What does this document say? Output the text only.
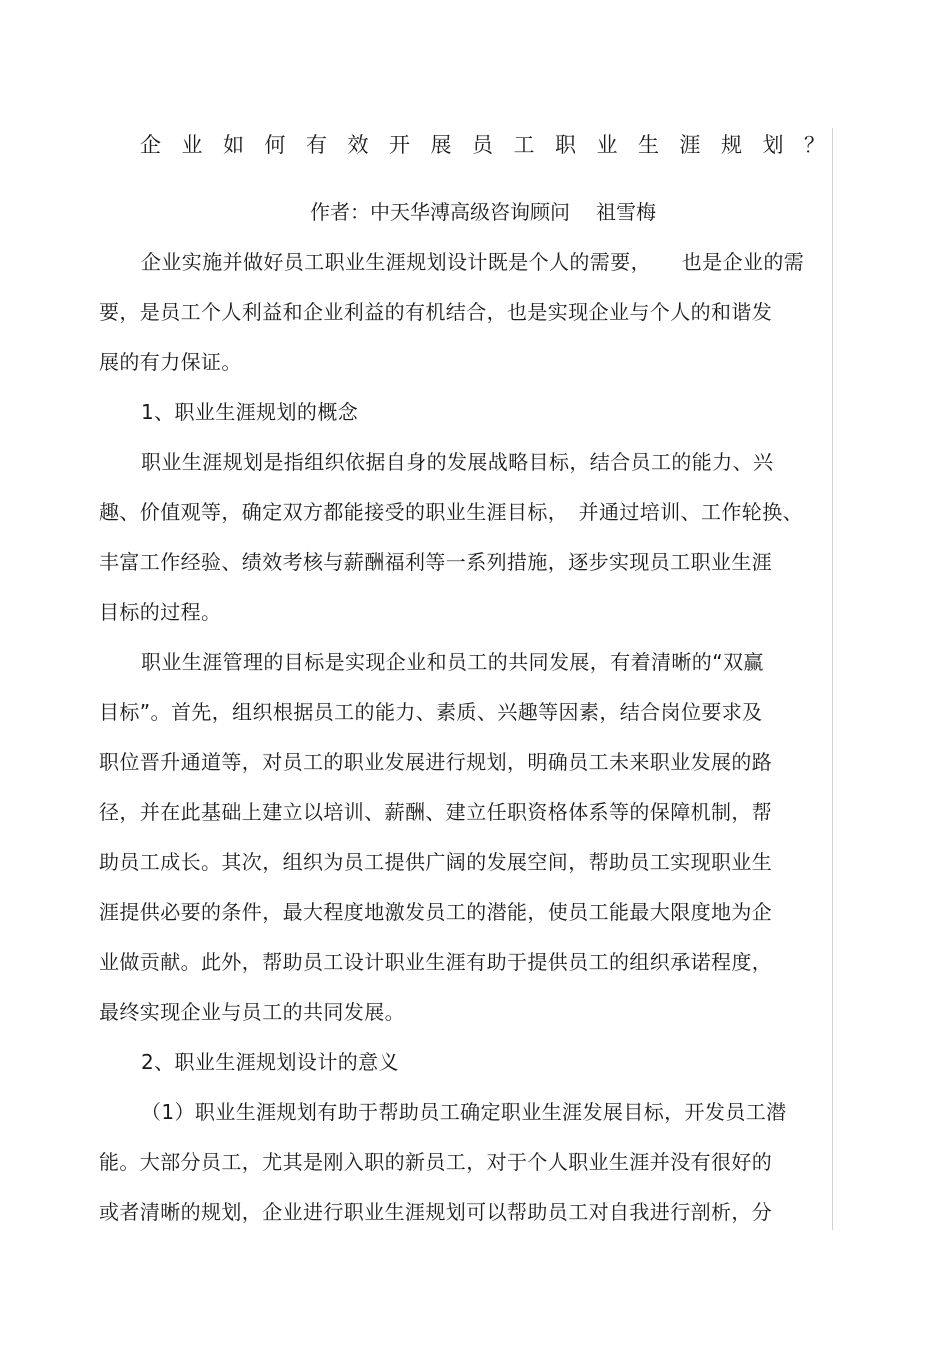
企业如何有效开展员工职业生涯规划？
作者：中天华溥高级咨询顾问 祖雪梅
企业实施并做好员工职业生涯规划设计既是个人的需要，　　也是企业的需
要，是员工个人利益和企业利益的有机结合，也是实现企业与个人的和谐发
展的有力保证。
1、职业生涯规划的概念
职业生涯规划是指组织依据自身的发展战略目标，结合员工的能力、兴
趣、价值观等，确定双方都能接受的职业生涯目标，　并通过培训、工作轮换、
丰富工作经验、绩效考核与薪酬福利等一系列措施，逐步实现员工职业生涯
目标的过程。
职业生涯管理的目标是实现企业和员工的共同发展，有着清晰的“双赢
目标”。首先，组织根据员工的能力、素质、兴趣等因素，结合岗位要求及
职位晋升通道等，对员工的职业发展进行规划，明确员工未来职业发展的路
径，并在此基础上建立以培训、薪酬、建立任职资格体系等的保障机制，帮
助员工成长。其次，组织为员工提供广阔的发展空间，帮助员工实现职业生
涯提供必要的条件，最大程度地激发员工的潜能，使员工能最大限度地为企
业做贡献。此外，帮助员工设计职业生涯有助于提供员工的组织承诺程度，
最终实现企业与员工的共同发展。
2、职业生涯规划设计的意义
（1）职业生涯规划有助于帮助员工确定职业生涯发展目标，开发员工潜
能。大部分员工，尤其是刚入职的新员工，对于个人职业生涯并没有很好的
或者清晰的规划，企业进行职业生涯规划可以帮助员工对自我进行剖析，分
